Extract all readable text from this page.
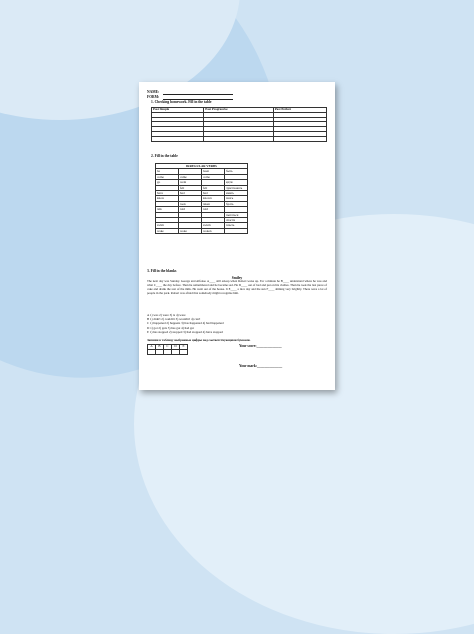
NAME:
FORM:
1. Checking homework. Fill in the table
Past Simple	Past Progressive	Past Perfect

2. Fill in the table
IRREGULAR VERBS			
be		been	быть
come	came	come	
go	went		идти
	felt	felt	чувствовать
have	had	had	иметь
know		known	знать
	took	taken	брать
talk	told	told	
			пытаться
			спасти
swim		swum	плыть
wake	woke	woken	
3. Fill in the blanks
Smiley
The next day was Sunday. George and Alfonso A____ still asleep when Robert woke up. For a minute he B____ understand where he was and what C____ the day before. Then he remembered and he became sad. He D____ out of bed and put on his clothes. Then he took the last piece of cake and drank the rest of the milk. He went out of the house. It E____ a nice day and the sun F____ shining very brightly. There were a lot of people in the park. Robert was afraid that somebody might recognize him.
A 1) was 2) were 3) is 4) were
B 1) didn't 2) couldn't 3) wouldn't 4) can't
C 1) happened 2) happens 3) has happened 4) had happened
D 1) got 2) gets 3) has got 4) had got
E 1) has stopped 2) stopped 3) had stopped 4) have stopped
Запиши в таблицу выбранные цифры под соответствующими буквами.
A	B	C	D	E
					Your score:______________
Your mark:______________
